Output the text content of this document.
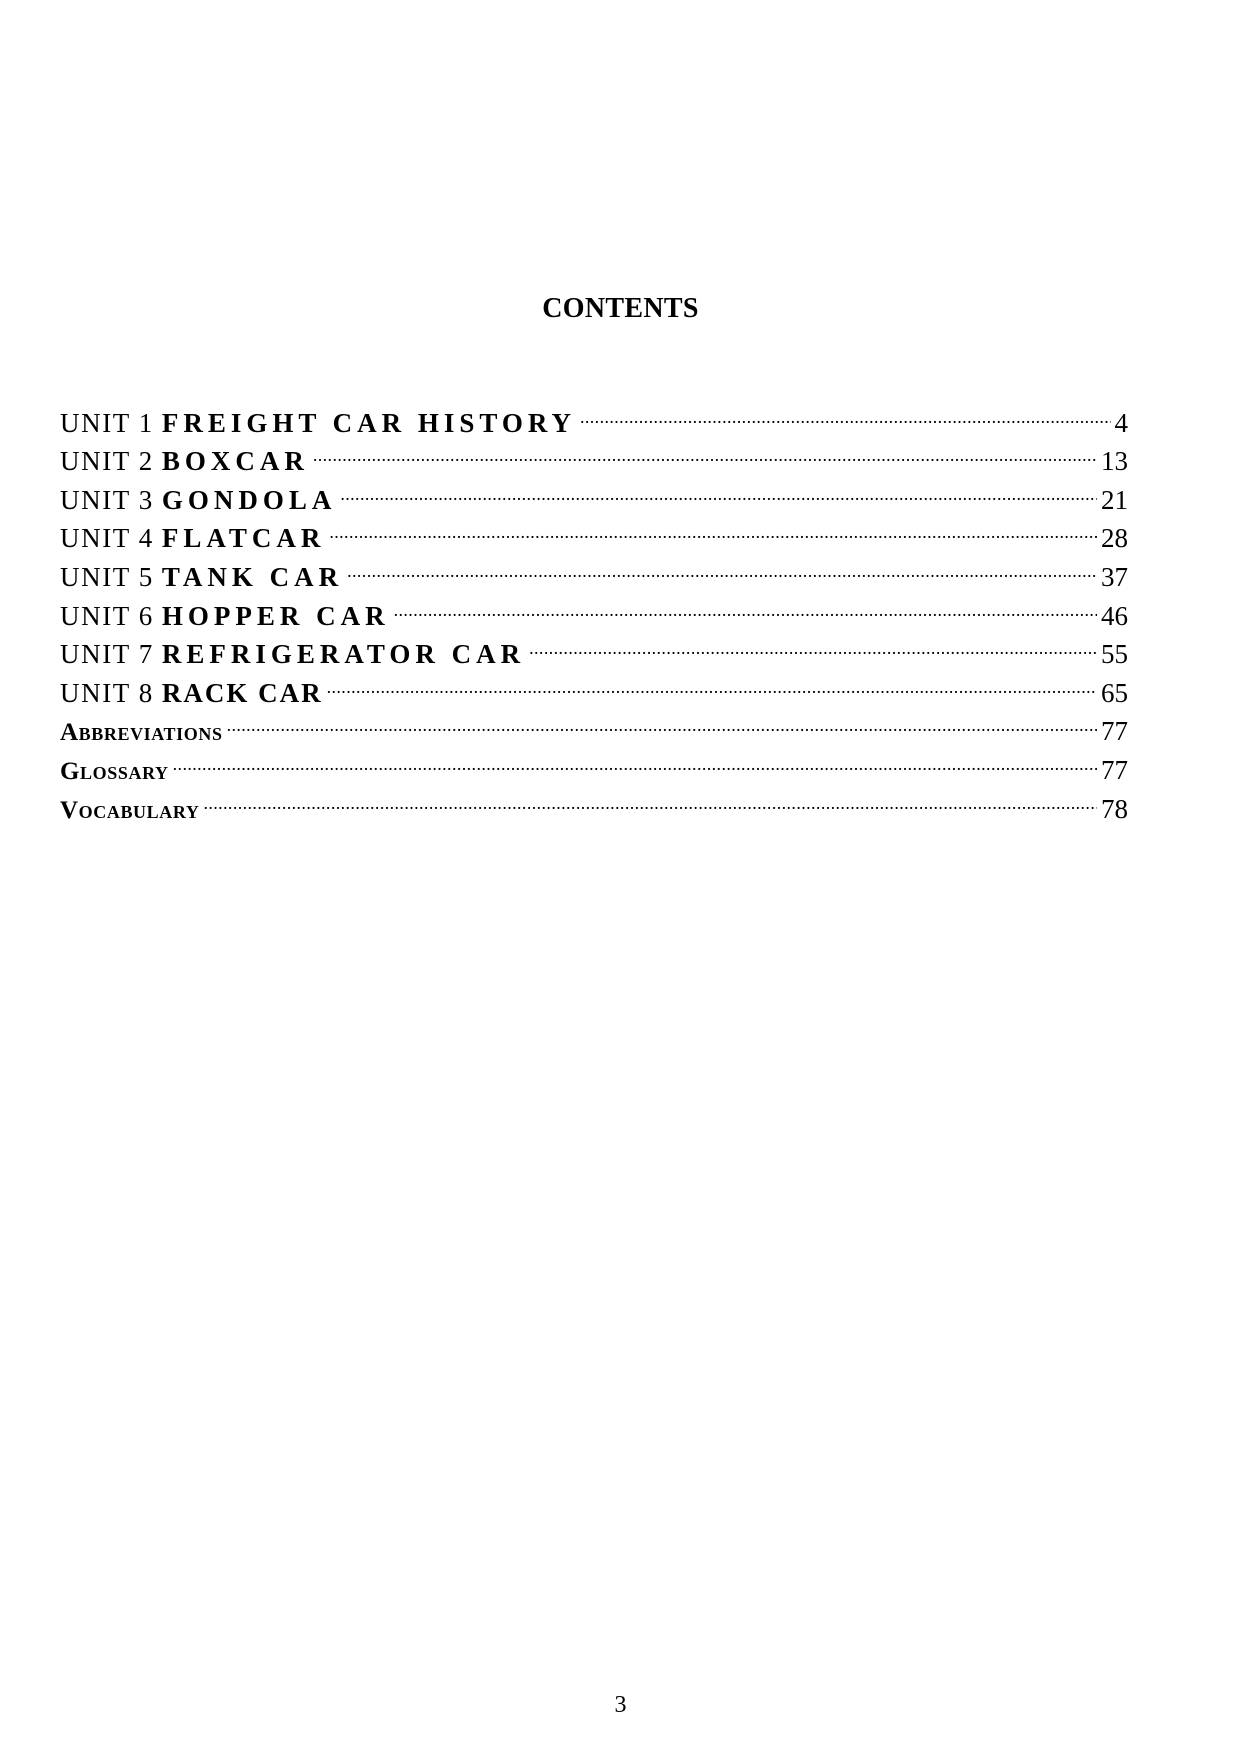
CONTENTS
UNIT 1 FREIGHT CAR HISTORY .....	4
UNIT 2 BOXCAR .....	13
UNIT 3 GONDOLA .....	21
UNIT 4 FLATCAR .....	28
UNIT 5 TANK CAR .....	37
UNIT 6 HOPPER CAR .....	46
UNIT 7 REFRIGERATOR CAR .....	55
UNIT 8 RACK CAR .....	65
Abbreviations .....	77
Glossary .....	77
Vocabulary .....	78
3
